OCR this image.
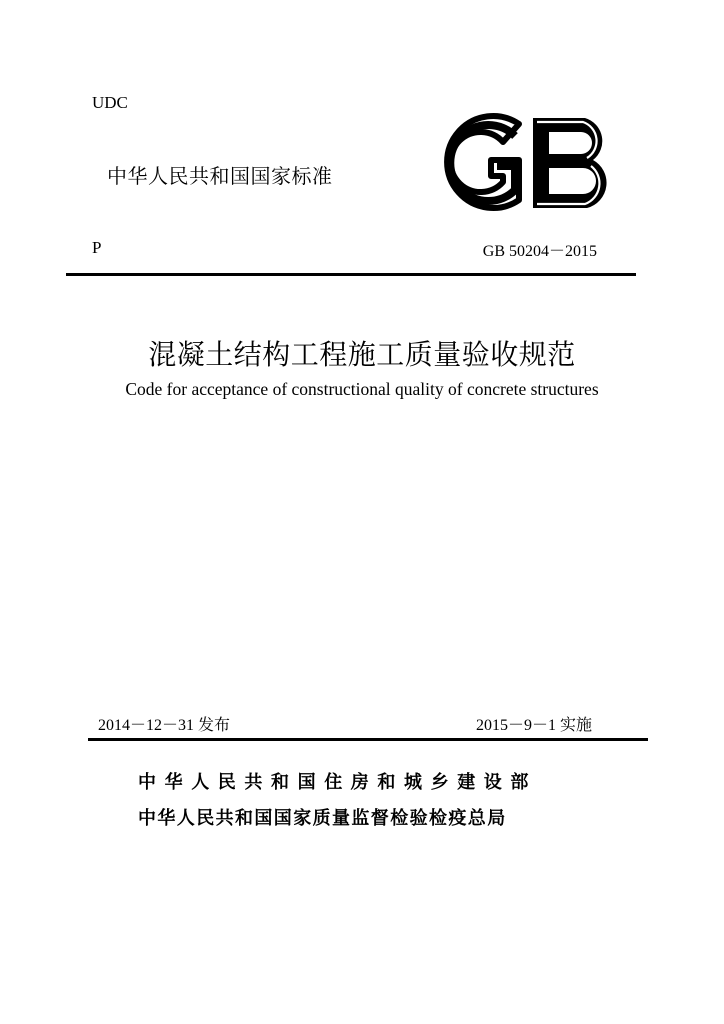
UDC
中华人民共和国国家标准
GB
P	GB 50204－2015
混凝土结构工程施工质量验收规范
Code for acceptance of constructional quality of concrete structures
2014－12－31 发布	2015－9－1 实施
中华人民共和国住房和城乡建设部
中华人民共和国国家质量监督检验检疫总局
